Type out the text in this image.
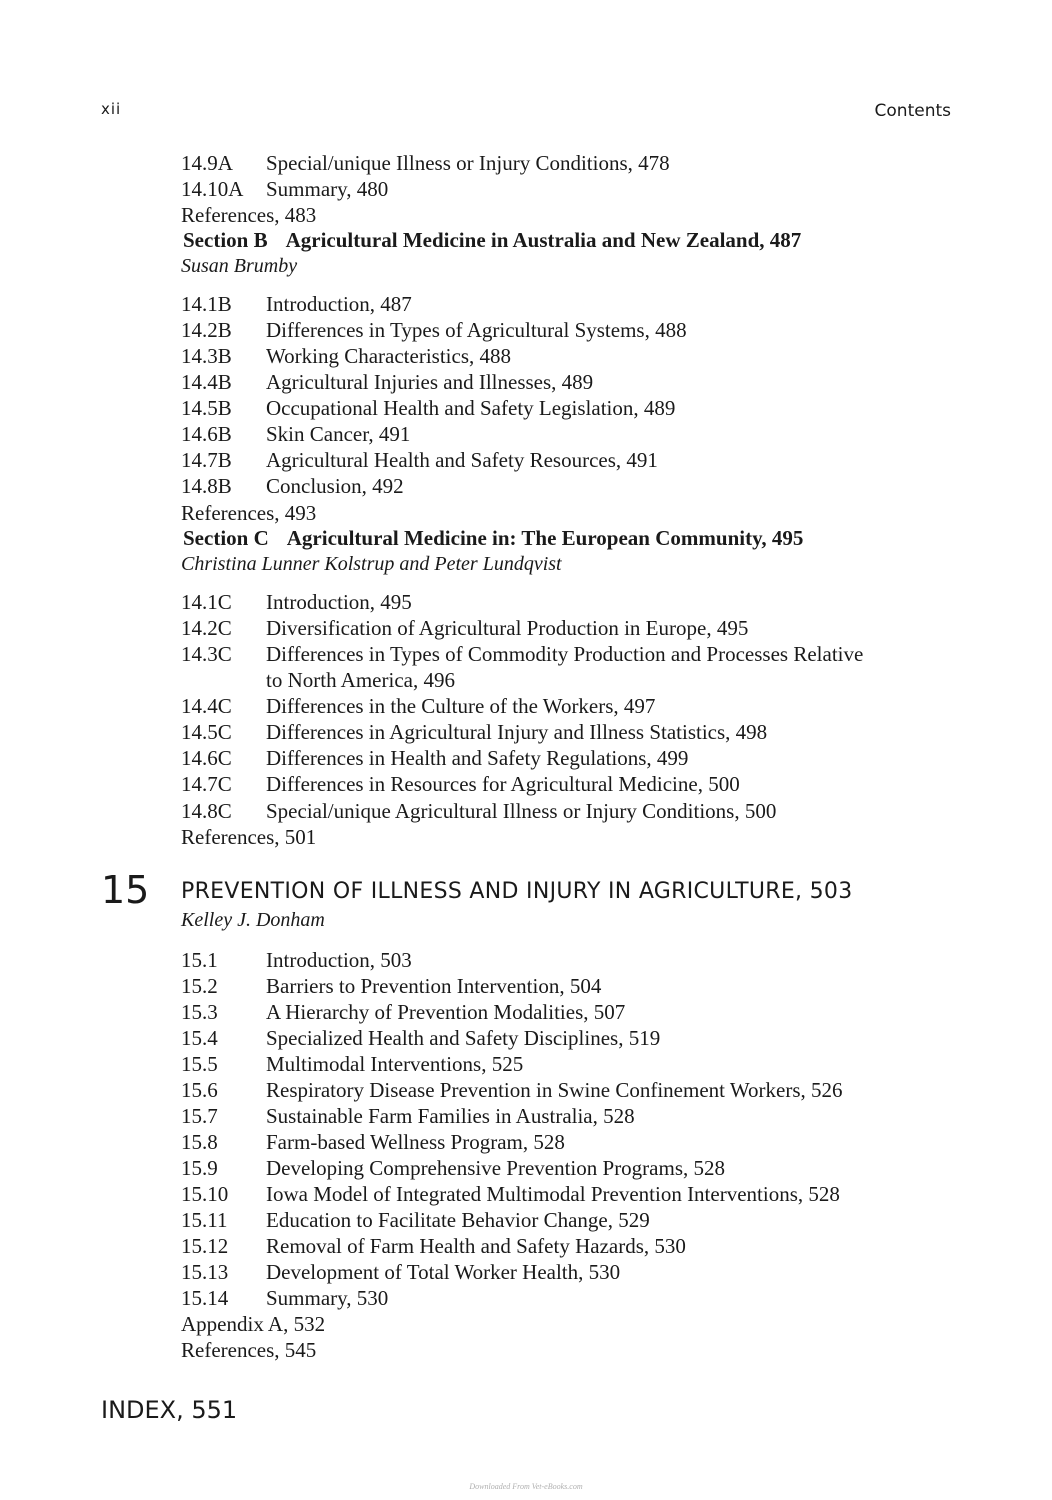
xii	Contents
14.9A Special/unique Illness or Injury Conditions, 478
14.10A Summary, 480
References, 483
Section B Agricultural Medicine in Australia and New Zealand, 487
Susan Brumby
14.1B Introduction, 487
14.2B Differences in Types of Agricultural Systems, 488
14.3B Working Characteristics, 488
14.4B Agricultural Injuries and Illnesses, 489
14.5B Occupational Health and Safety Legislation, 489
14.6B Skin Cancer, 491
14.7B Agricultural Health and Safety Resources, 491
14.8B Conclusion, 492
References, 493
Section C Agricultural Medicine in: The European Community, 495
Christina Lunner Kolstrup and Peter Lundqvist
14.1C Introduction, 495
14.2C Diversification of Agricultural Production in Europe, 495
14.3C Differences in Types of Commodity Production and Processes Relative
to North America, 496
14.4C Differences in the Culture of the Workers, 497
14.5C Differences in Agricultural Injury and Illness Statistics, 498
14.6C Differences in Health and Safety Regulations, 499
14.7C Differences in Resources for Agricultural Medicine, 500
14.8C Special/unique Agricultural Illness or Injury Conditions, 500
References, 501
Kelley J. Donham
15.1 Introduction, 503
15.2 Barriers to Prevention Intervention, 504
15.3 A Hierarchy of Prevention Modalities, 507
15.4 Specialized Health and Safety Disciplines, 519
15.5 Multimodal Interventions, 525
15.6 Respiratory Disease Prevention in Swine Confinement Workers, 526
15.7 Sustainable Farm Families in Australia, 528
15.8 Farm-based Wellness Program, 528
15.9 Developing Comprehensive Prevention Programs, 528
15.10 Iowa Model of Integrated Multimodal Prevention Interventions, 528
15.11 Education to Facilitate Behavior Change, 529
15.12 Removal of Farm Health and Safety Hazards, 530
15.13 Development of Total Worker Health, 530
15.14 Summary, 530
Appendix A, 532
References, 545
15 PREVENTION OF ILLNESS AND INJURY IN AGRICULTURE, 503
INDEX, 551
Downloaded From Vet-eBooks.com
